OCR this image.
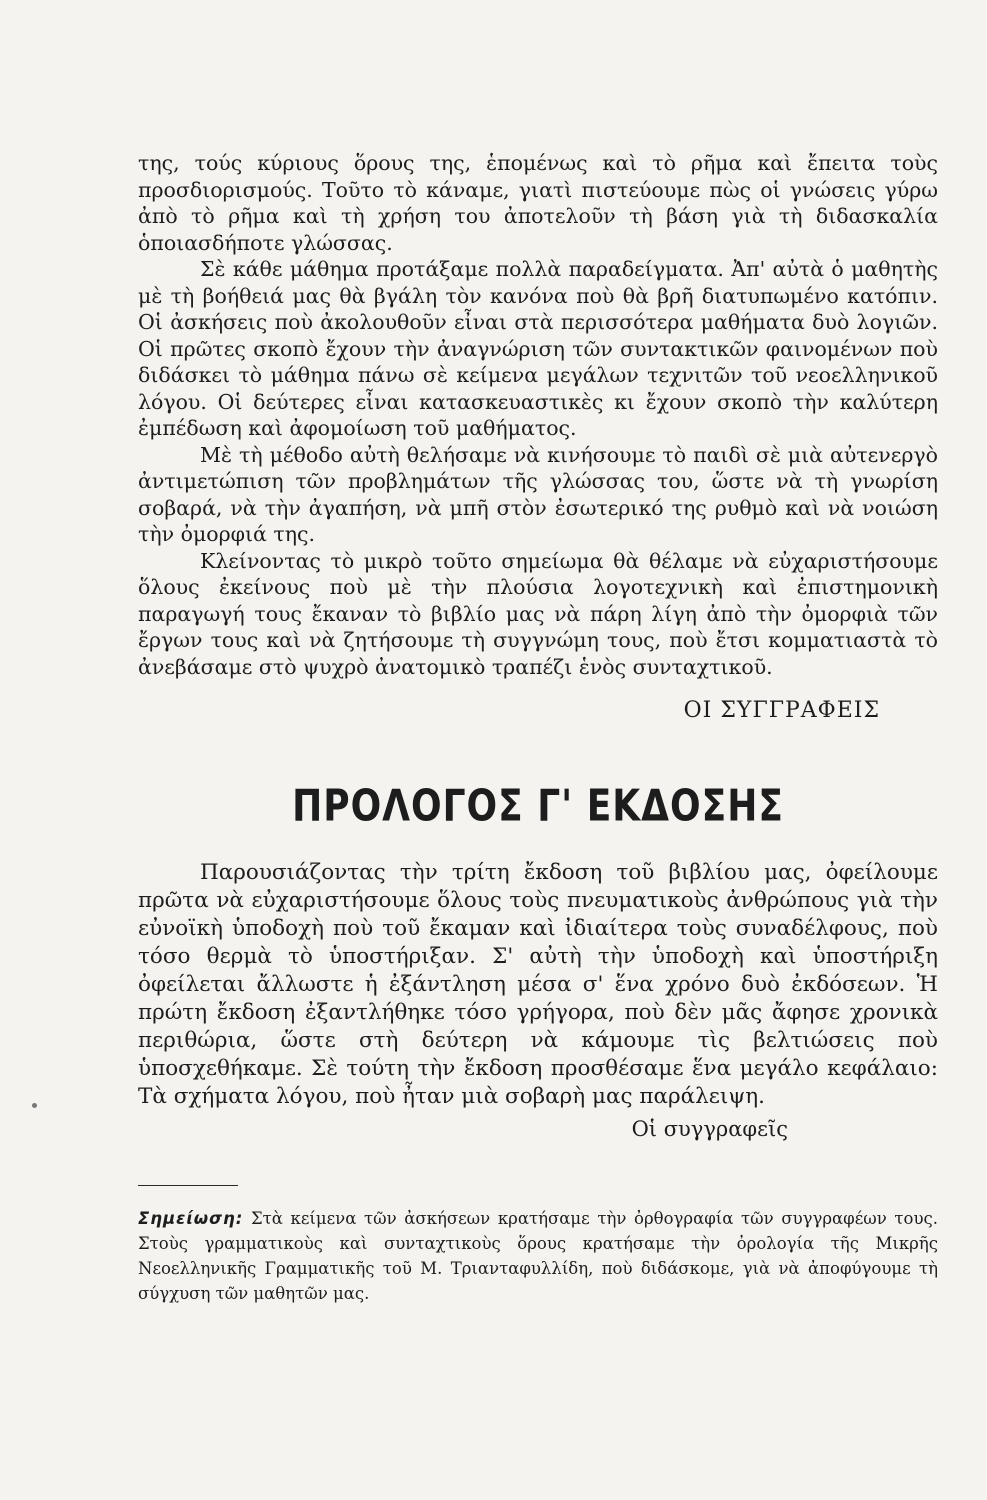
της, τούς κύριους ὅρους της, ἑπομένως καὶ τὸ ρῆμα καὶ ἔπειτα τοὺς προσδιορισμούς. Τοῦτο τὸ κάναμε, γιατὶ πιστεύουμε πὼς οἱ γνώσεις γύρω ἀπὸ τὸ ρῆμα καὶ τὴ χρήση του ἀποτελοῦν τὴ βάση γιὰ τὴ διδασκαλία ὁποιασδήποτε γλώσσας.

Σὲ κάθε μάθημα προτάξαμε πολλὰ παραδείγματα. Ἀπ' αὐτὰ ὁ μαθητὴς μὲ τὴ βοήθειά μας θὰ βγάλη τὸν κανόνα ποὺ θὰ βρῆ διατυπωμένο κατόπιν. Οἱ ἀσκήσεις ποὺ ἀκολουθοῦν εἶναι στὰ περισσότερα μαθήματα δυὸ λογιῶν. Οἱ πρῶτες σκοπὸ ἔχουν τὴν ἀναγνώριση τῶν συντακτικῶν φαινομένων ποὺ διδάσκει τὸ μάθημα πάνω σὲ κείμενα μεγάλων τεχνιτῶν τοῦ νεοελληνικοῦ λόγου. Οἱ δεύτερες εἶναι κατασκευαστικὲς κι ἔχουν σκοπὸ τὴν καλύτερη ἐμπέδωση καὶ ἀφομοίωση τοῦ μαθήματος.

Μὲ τὴ μέθοδο αὐτὴ θελήσαμε νὰ κινήσουμε τὸ παιδὶ σὲ μιὰ αὐτενεργὸ ἀντιμετώπιση τῶν προβλημάτων τῆς γλώσσας του, ὥστε νὰ τὴ γνωρίση σοβαρά, νὰ τὴν ἀγαπήση, νὰ μπῆ στὸν ἐσωτερικό της ρυθμὸ καὶ νὰ νοιώση τὴν ὀμορφιά της.

Κλείνοντας τὸ μικρὸ τοῦτο σημείωμα θὰ θέλαμε νὰ εὐχαριστήσουμε ὅλους ἐκείνους ποὺ μὲ τὴν πλούσια λογοτεχνικὴ καὶ ἐπιστημονικὴ παραγωγή τους ἔκαναν τὸ βιβλίο μας νὰ πάρη λίγη ἀπὸ τὴν ὀμορφιὰ τῶν ἔργων τους καὶ νὰ ζητήσουμε τὴ συγγνώμη τους, ποὺ ἔτσι κομματιαστὰ τὸ ἀνεβάσαμε στὸ ψυχρὸ ἀνατομικὸ τραπέζι ἑνὸς συνταχτικοῦ.

ΟΙ ΣΥΓΓΡΑΦΕΙΣ
ΠΡΟΛΟΓΟΣ Γ' ΕΚΔΟΣΗΣ

Παρουσιάζοντας τὴν τρίτη ἔκδοση τοῦ βιβλίου μας, ὀφείλουμε πρῶτα νὰ εὐχαριστήσουμε ὅλους τοὺς πνευματικοὺς ἀνθρώπους γιὰ τὴν εὐνοϊκὴ ὑποδοχὴ ποὺ τοῦ ἔκαμαν καὶ ἰδιαίτερα τοὺς συναδέλφους, ποὺ τόσο θερμὰ τὸ ὑποστήριξαν. Σ' αὐτὴ τὴν ὑποδοχὴ καὶ ὑποστήριξη ὀφείλεται ἄλλωστε ἡ ἐξάντληση μέσα σ' ἕνα χρόνο δυὸ ἐκδόσεων. Ἡ πρώτη ἔκδοση ἐξαντλήθηκε τόσο γρήγορα, ποὺ δὲν μᾶς ἄφησε χρονικὰ περιθώρια, ὥστε στὴ δεύτερη νὰ κάμουμε τὶς βελτιώσεις ποὺ ὑποσχεθήκαμε. Σὲ τούτη τὴν ἔκδοση προσθέσαμε ἕνα μεγάλο κεφάλαιο: Τὰ σχήματα λόγου, ποὺ ἦταν μιὰ σοβαρὴ μας παράλειψη.

Οἱ συγγραφεῖς
Σημείωση: Στὰ κείμενα τῶν ἀσκήσεων κρατήσαμε τὴν ὀρθογραφία τῶν συγγραφέων τους. Στοὺς γραμματικοὺς καὶ συνταχτικοὺς ὅρους κρατήσαμε τὴν ὀρολογία τῆς Μικρῆς Νεοελληνικῆς Γραμματικῆς τοῦ Μ. Τριανταφυλλίδη, ποὺ διδάσκομε, γιὰ νὰ ἀποφύγουμε τὴ σύγχυση τῶν μαθητῶν μας.
